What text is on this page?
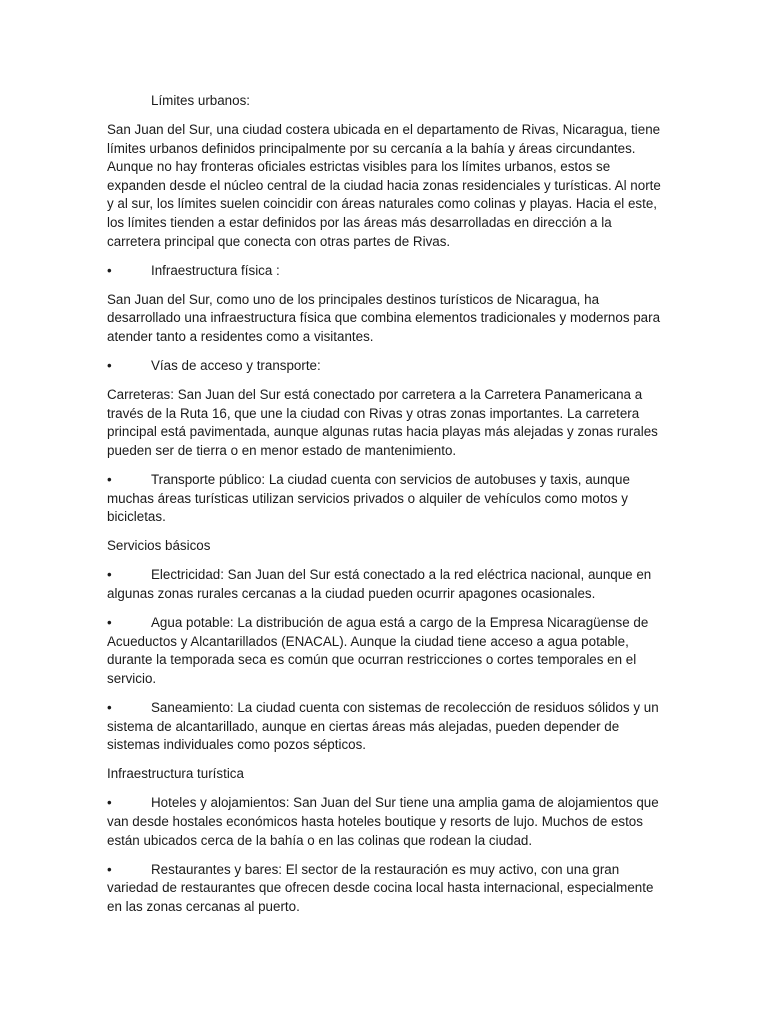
Límites urbanos:

San Juan del Sur, una ciudad costera ubicada en el departamento de Rivas, Nicaragua, tiene límites urbanos definidos principalmente por su cercanía a la bahía y áreas circundantes. Aunque no hay fronteras oficiales estrictas visibles para los límites urbanos, estos se expanden desde el núcleo central de la ciudad hacia zonas residenciales y turísticas. Al norte y al sur, los límites suelen coincidir con áreas naturales como colinas y playas. Hacia el este, los límites tienden a estar definidos por las áreas más desarrolladas en dirección a la carretera principal que conecta con otras partes de Rivas.

•	Infraestructura física :

San Juan del Sur, como uno de los principales destinos turísticos de Nicaragua, ha desarrollado una infraestructura física que combina elementos tradicionales y modernos para atender tanto a residentes como a visitantes.

•	Vías de acceso y transporte:

Carreteras: San Juan del Sur está conectado por carretera a la Carretera Panamericana a través de la Ruta 16, que une la ciudad con Rivas y otras zonas importantes. La carretera principal está pavimentada, aunque algunas rutas hacia playas más alejadas y zonas rurales pueden ser de tierra o en menor estado de mantenimiento.

•	Transporte público: La ciudad cuenta con servicios de autobuses y taxis, aunque muchas áreas turísticas utilizan servicios privados o alquiler de vehículos como motos y bicicletas.

Servicios básicos

•	Electricidad: San Juan del Sur está conectado a la red eléctrica nacional, aunque en algunas zonas rurales cercanas a la ciudad pueden ocurrir apagones ocasionales.

•	Agua potable: La distribución de agua está a cargo de la Empresa Nicaragüense de Acueductos y Alcantarillados (ENACAL). Aunque la ciudad tiene acceso a agua potable, durante la temporada seca es común que ocurran restricciones o cortes temporales en el servicio.

•	Saneamiento: La ciudad cuenta con sistemas de recolección de residuos sólidos y un sistema de alcantarillado, aunque en ciertas áreas más alejadas, pueden depender de sistemas individuales como pozos sépticos.

Infraestructura turística

•	Hoteles y alojamientos: San Juan del Sur tiene una amplia gama de alojamientos que van desde hostales económicos hasta hoteles boutique y resorts de lujo. Muchos de estos están ubicados cerca de la bahía o en las colinas que rodean la ciudad.

•	Restaurantes y bares: El sector de la restauración es muy activo, con una gran variedad de restaurantes que ofrecen desde cocina local hasta internacional, especialmente en las zonas cercanas al puerto.
